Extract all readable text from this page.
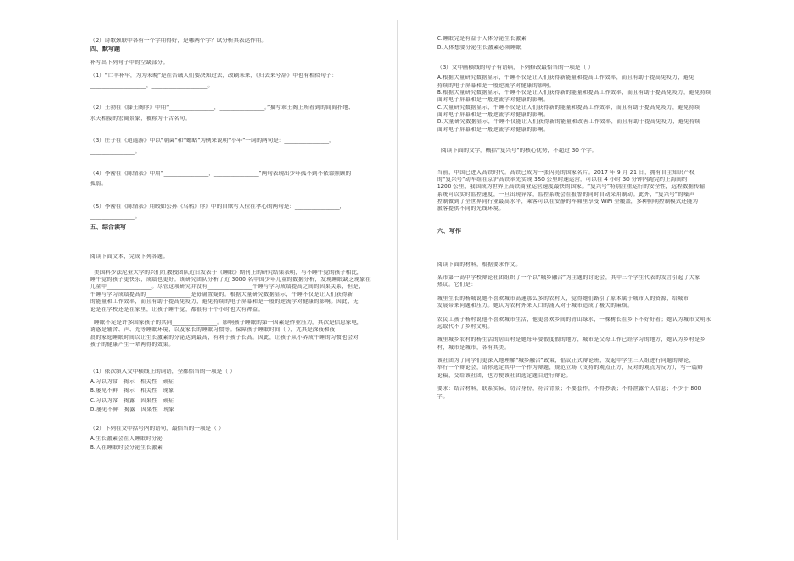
（2）诗歌颈联中各有一个字用得好，是哪两个字？试分析其表达作用。

四、默写题

补写出下列句子中的空缺部分。

（1）“亡羊补牢，为为未晚”是在告诫人们要决知过去，改刷未来，《归去来兮辞》中也有相似句子：

____________________，____________________。

（2）王勃在《滕王阁序》中用“________________，________________。”描写乖王阁上所看到的闾阎扑地、

水天相接的宏阔景象，被称为千古名句。

（3）庄子在《逍遥游》中以“朝菌”和“蟪蛄”为例来说明“小年”一词的两句是：________________，

________________。

（4）李密在《陈情表》中用“________________，________________”两句表现出少年孤不到不依靠照顾的

孤弱。

（5）李密在《陈情表》用皎如公孙《乌鸦》序》中的自欺写人位在孝心的两句是：________________，

________________。

五、综合读写

阅读下面文本，完成下列各题。

美国科少法尼亚大学的兴们红教授团队近日发表于《睡眠》期刊上的研究结果表明，与不睡午觉的孩子相比，

睡午觉的孩子更快乐，成绩也更好。该研究团队分析了近 3000 名中国少年儿童的数据分析，发现睡眠缺乏现象在

儿童中________________。尽管这项研究并没有________________午睡与学习成绩提高之间的因果关系，但是，

午睡与学习成绩提高的________________是毋庸置疑的。根据大量研究数据显示，午睡不仅是让人们获得新

的能量和工作效率，而且有助于提高免疫力，避免持续的电子屏幕和是一般的逆流学对健康的影响。因此，无

论是在学校还是在家里，让孩子睡午觉，都很有十个小时也大有裨益。

睡眠不足是许多国家孩子的共同________________。影响孩子睡眠的第一因素是作业压力，其次是信息家电，

诱惑是辅舍、声、光等睡眠环境，以及家长的睡眠习惯等。保障孩子睡眠时间（ ），尤其是深夜和夜

晨的家庭睡眠时间以让生长激素的分泌达到最高，有利于孩子长高。因此，让孩子从小养成午睡的习惯也会对

孩子的健康产生一辈两得的效果。

（1）依次填入文中横线上的词语，全都恰当的一项是（ ）

A.习以为常　揭示　相关性　顽症

B.屡见不鲜　揭示　相关性　现象

C.习以为常　揭露　因果性　顽症

D.屡见不鲜　揭露　因果性　现象

（2）下列在文中括号内的语句，最恰当的一项是（ ）

A.生长激素会在人睡眠时分泌

B.人在睡眠时会分泌生长激素

C.睡眠完是有益于人体分泌生长激素

D.人体想要分泌生长激素必须睡眠

（3）文中画横线的句子有语病，下列修改最恰当的一项是（ ）

A.根据大量研究数据显示，午睡不仅是让人们获得新能量和提高工作效率，而且有助于提高免疫力，避免

持续的电子屏幕和是一般逆流学对健康的影响。

B.根据大量研究数据显示，午睡不仅是让人们获得新的能量和提高工作效率，而且有助于提高免疫力，避免持续

面对电子屏幕和是一般逆流学对健康的影响。

C.大量研究数据显示，午睡不仅是让人们获得新的能量和提高工作效率，而且有助于提高免疫力，避免持续

面对电子屏幕和是一般逆流学对健康的影响。

D.大量研究数据显示，午睡不仅能让人们获得新的能量和改善工作效率，而且有助于提高免疫力，避免持续

面对电子屏幕和是一般逆流学对健康的影响。

阅读下面的文字，概括“复兴号”的核心优势，不超过 30 个字。

当前，中国已进入高铁时代。高铁已成为一张闪亮的国家名片。2017 年 9 月 21 日，拥有自主知识产权

的“复兴号”动车组在京沪高铁率先实现 350 公里时速运营，可以在 4 小时 30 分钟内跑完约上海间约

1200 公里，我国成为世界上高铁商业运营速度最快的国家。“复兴号”特别注重运行的安全性，远程数据传输

系统可以实时监控速度，一旦出现异常，监控系统会在报警的同时自动采用制动。此外，“复兴号”的噪声

控制做到了全世界同行业最高水平，乘客可以在安静的车厢里享受 WiFi 全覆盖，多种照明控制模式还能为

旅客提供不同的光线环境。

六、写作

阅读下面的材料，根据要求作文。

某市第一高中学校辩论社团组织了一个以“城乡融合”为主题的讨论会，其中三个学生代表的发言引起了大家

热议。它们是：

城里生长的杨城说她不喜欢城市高速那么多的农村人，觉得她们路引了原本属于城市人的资源，给城市

发展带来问题和压力。她认为农村外来人口的涌入对于城市造成了极大的麻烦。

农民工孩子杨村说他不喜欢城市生活，他更喜欢乡间的青山绿水，一棵树长在乡下不好好看；她认为城市文明永

远取代不了乡村文明。

城里城乡农村的杨生活的居山村是她每年要假度假的地方，城市是父母工作已经学习的地方，她认为乡村是乡

村，城市是城市，各有其美。

该社团为了同学们更深入地理解“城乡融合”政策，倡议正式辩论班，发起中学生三人组进行问题的辩论，

举行一个辩论会，请你选定其中一个作为辩题，规范立场（支持的观点正方，反对的观点为反方），写一篇辩

论稿，交给该社团，也方便该社团选定题目进行辩论。

要求：结合材料，联系实际，切合身份，符合背景；不要套作，不得抄袭；不得泄露个人信息；不少于 800

字。
